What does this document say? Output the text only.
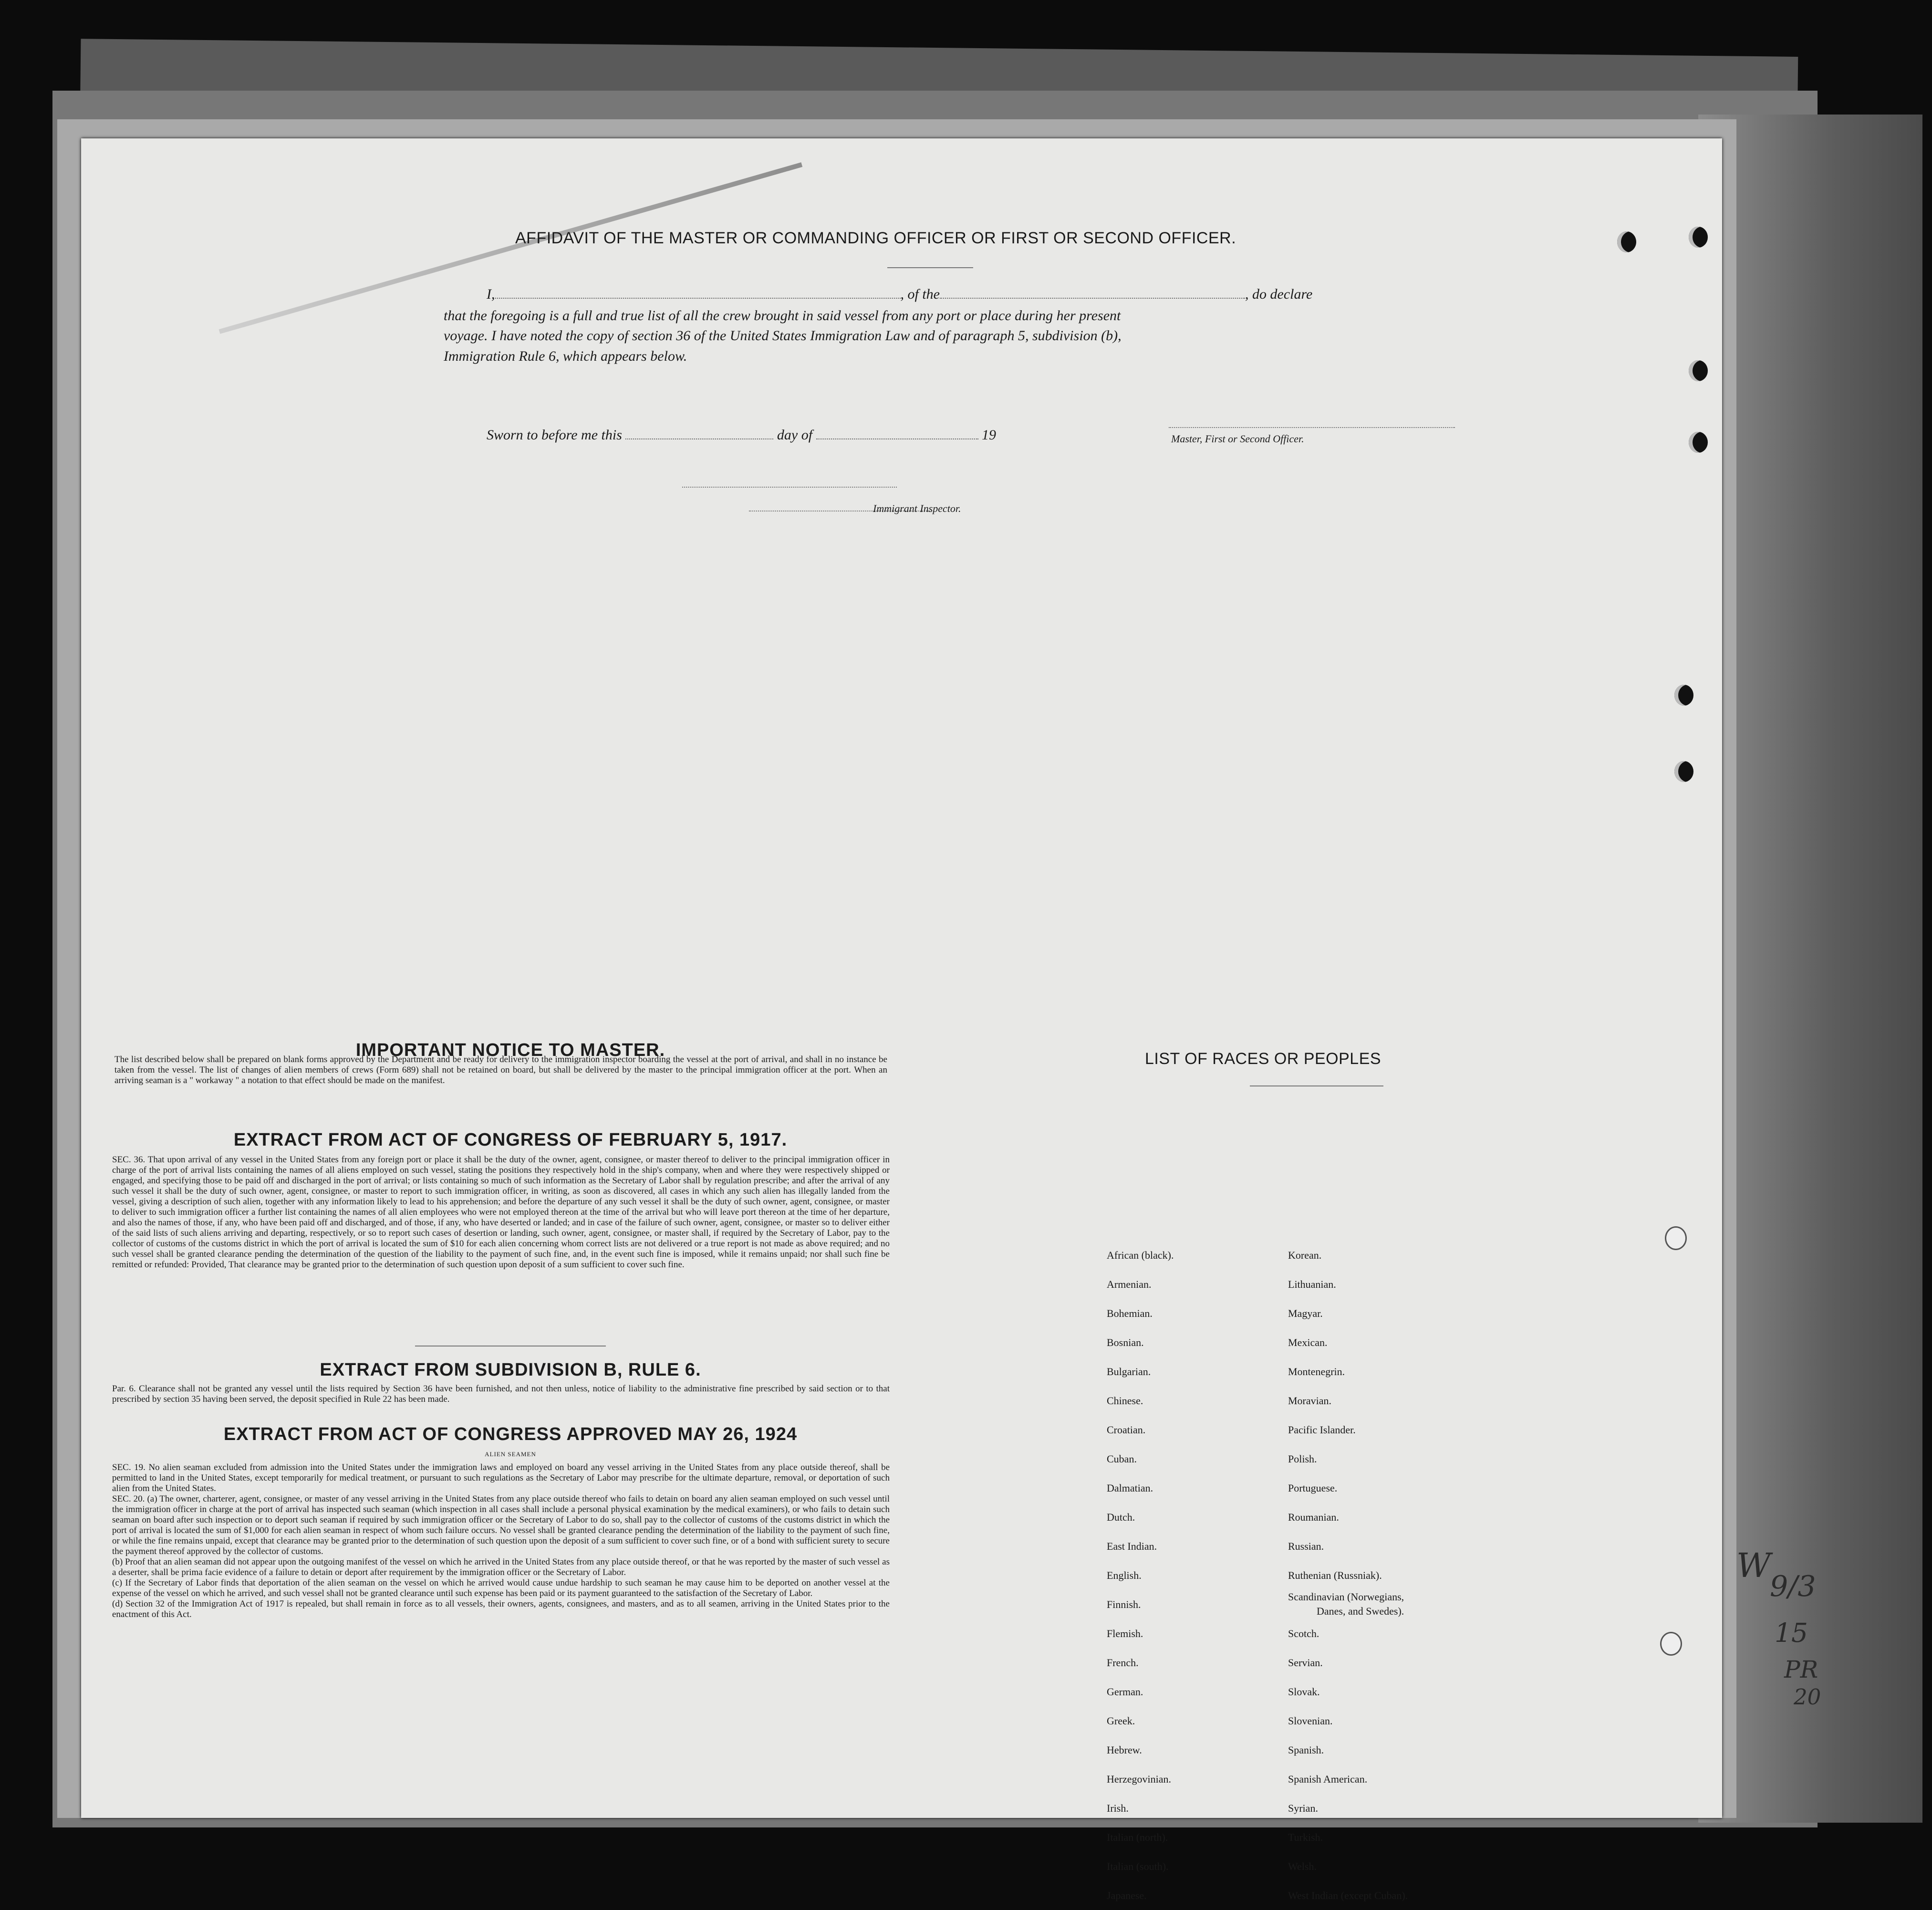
AFFIDAVIT OF THE MASTER OR COMMANDING OFFICER OR FIRST OR SECOND OFFICER.
I,	, of the	, do declare
that the foregoing is a full and true list of all the crew brought in said vessel from any port or place during her present
voyage. I have noted the copy of section 36 of the United States Immigration Law and of paragraph 5, subdivision (b),
Immigration Rule 6, which appears below.
Sworn to before me this	day of	19	Master, First or Second Officer.
Immigrant Inspector.
IMPORTANT NOTICE TO MASTER.
The list described below shall be prepared on blank forms approved by the Department and be ready for delivery to the immigration inspector boarding the vessel at the port of arrival, and shall in no instance be taken from the vessel. The list of changes of alien members of crews (Form 689) shall not be retained on board, but shall be delivered by the master to the principal immigration officer at the port. When an arriving seaman is a " workaway " a notation to that effect should be made on the manifest.
EXTRACT FROM ACT OF CONGRESS OF FEBRUARY 5, 1917.
SEC. 36. That upon arrival of any vessel in the United States from any foreign port or place it shall be the duty of the owner, agent, consignee, or master thereof to deliver to the principal immigration officer in charge of the port of arrival lists containing the names of all aliens employed on such vessel, stating the positions they respectively hold in the ship's company, when and where they were respectively shipped or engaged, and specifying those to be paid off and discharged in the port of arrival; or lists containing so much of such information as the Secretary of Labor shall by regulation prescribe; and after the arrival of any such vessel it shall be the duty of such owner, agent, consignee, or master to report to such immigration officer, in writing, as soon as discovered, all cases in which any such alien has illegally landed from the vessel, giving a description of such alien, together with any information likely to lead to his apprehension; and before the departure of any such vessel it shall be the duty of such owner, agent, consignee, or master to deliver to such immigration officer a further list containing the names of all alien employees who were not employed thereon at the time of the arrival but who will leave port thereon at the time of her departure, and also the names of those, if any, who have been paid off and discharged, and of those, if any, who have deserted or landed; and in case of the failure of such owner, agent, consignee, or master so to deliver either of the said lists of such aliens arriving and departing, respectively, or so to report such cases of desertion or landing, such owner, agent, consignee, or master shall, if required by the Secretary of Labor, pay to the collector of customs of the customs district in which the port of arrival is located the sum of $10 for each alien concerning whom correct lists are not delivered or a true report is not made as above required; and no such vessel shall be granted clearance pending the determination of the question of the liability to the payment of such fine, and, in the event such fine is imposed, while it remains unpaid; nor shall such fine be remitted or refunded: Provided, That clearance may be granted prior to the determination of such question upon deposit of a sum sufficient to cover such fine.
EXTRACT FROM SUBDIVISION B, RULE 6.
Par. 6. Clearance shall not be granted any vessel until the lists required by Section 36 have been furnished, and not then unless, notice of liability to the administrative fine prescribed by said section or to that prescribed by section 35 having been served, the deposit specified in Rule 22 has been made.
EXTRACT FROM ACT OF CONGRESS APPROVED MAY 26, 1924
ALIEN SEAMEN
SEC. 19. No alien seaman excluded from admission into the United States under the immigration laws and employed on board any vessel arriving in the United States from any place outside thereof, shall be permitted to land in the United States, except temporarily for medical treatment, or pursuant to such regulations as the Secretary of Labor may prescribe for the ultimate departure, removal, or deportation of such alien from the United States.
SEC. 20. (a) The owner, charterer, agent, consignee, or master of any vessel arriving in the United States from any place outside thereof who fails to detain on board any alien seaman employed on such vessel until the immigration officer in charge at the port of arrival has inspected such seaman (which inspection in all cases shall include a personal physical examination by the medical examiners), or who fails to detain such seaman on board after such inspection or to deport such seaman if required by such immigration officer or the Secretary of Labor to do so, shall pay to the collector of customs of the customs district in which the port of arrival is located the sum of $1,000 for each alien seaman in respect of whom such failure occurs. No vessel shall be granted clearance pending the determination of the liability to the payment of such fine, or while the fine remains unpaid, except that clearance may be granted prior to the determination of such question upon the deposit of a sum sufficient to cover such fine, or of a bond with sufficient surety to secure the payment thereof approved by the collector of customs.
(b) Proof that an alien seaman did not appear upon the outgoing manifest of the vessel on which he arrived in the United States from any place outside thereof, or that he was reported by the master of such vessel as a deserter, shall be prima facie evidence of a failure to detain or deport after requirement by the immigration officer or the Secretary of Labor.
(c) If the Secretary of Labor finds that deportation of the alien seaman on the vessel on which he arrived would cause undue hardship to such seaman he may cause him to be deported on another vessel at the expense of the vessel on which he arrived, and such vessel shall not be granted clearance until such expense has been paid or its payment guaranteed to the satisfaction of the Secretary of Labor.
(d) Section 32 of the Immigration Act of 1917 is repealed, but shall remain in force as to all vessels, their owners, agents, consignees, and masters, and as to all seamen, arriving in the United States prior to the enactment of this Act.
LIST OF RACES OR PEOPLES
African (black).
Armenian.
Bohemian.
Bosnian.
Bulgarian.
Chinese.
Croatian.
Cuban.
Dalmatian.
Dutch.
East Indian.
English.
Finnish.
Flemish.
French.
German.
Greek.
Hebrew.
Herzegovinian.
Irish.
Italian (north).
Italian (south).
Japanese.
Korean.
Lithuanian.
Magyar.
Mexican.
Montenegrin.
Moravian.
Pacific Islander.
Polish.
Portuguese.
Roumanian.
Russian.
Ruthenian (Russniak).
Scandinavian (Norwegians,
Danes, and Swedes).
Scotch.
Servian.
Slovak.
Slovenian.
Spanish.
Spanish American.
Syrian.
Turkish.
Welsh.
West Indian (except Cuban).
W
9/3
15
PR
20
